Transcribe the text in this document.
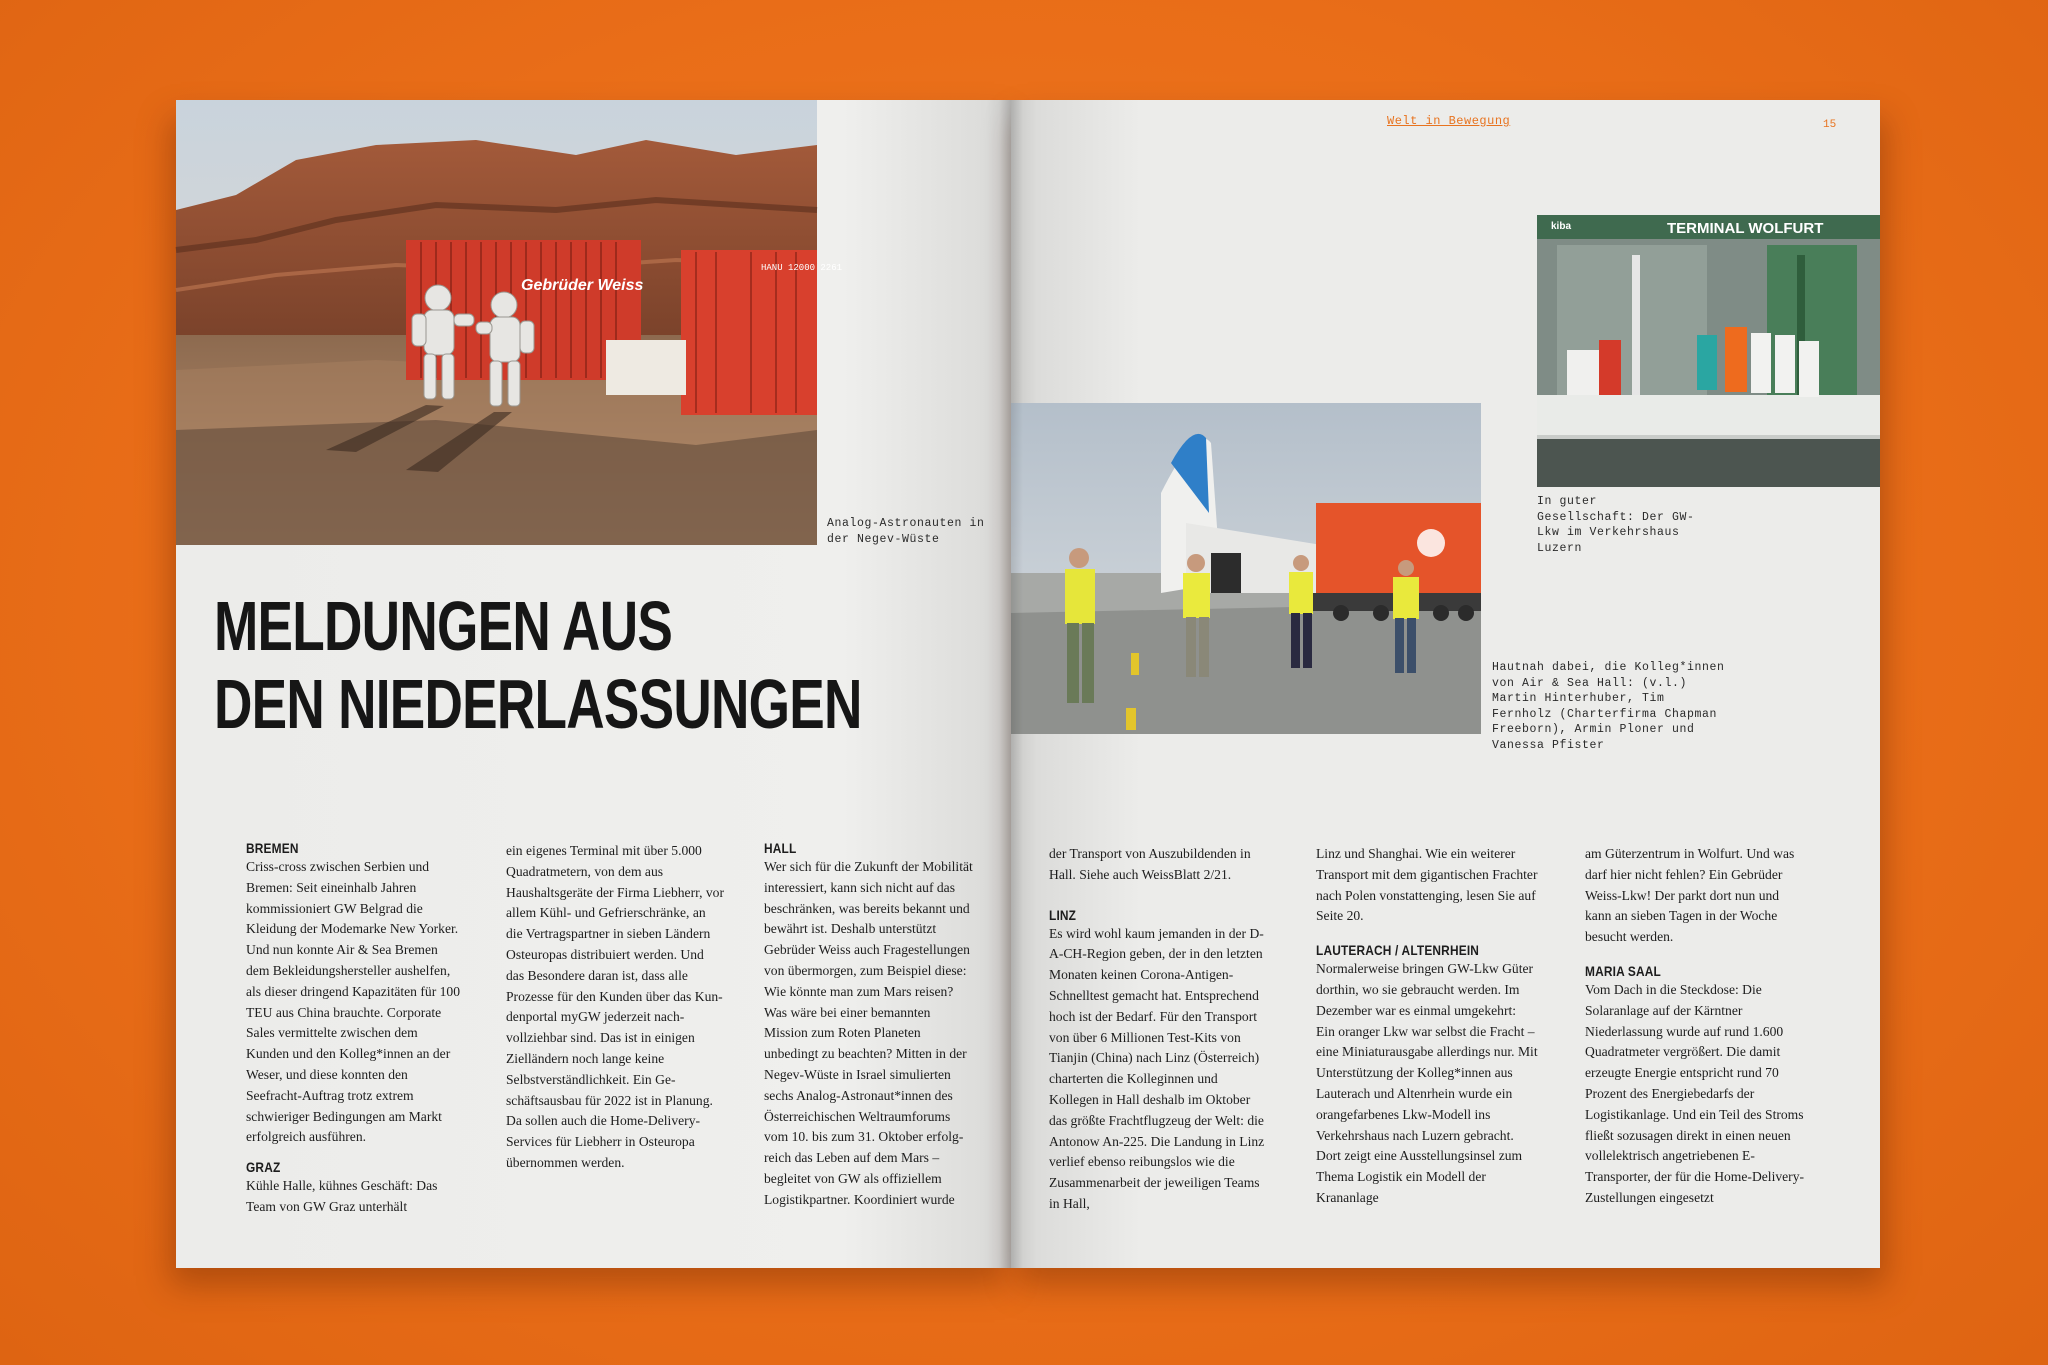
Gebrüder Weiss
HANU 12000 2261
Analog-Astronauten in der Negev-Wüste
MELDUNGEN AUS
DEN NIEDERLASSUNGEN
BREMEN

Criss-cross zwischen Serbien und Bremen: Seit eineinhalb Jahren kommissioniert GW Belgrad die Kleidung der Modemarke New Yorker. Und nun konnte Air & Sea Bremen dem Bekleidungshersteller aushelfen, als dieser dringend Kapazitäten für 100 TEU aus China brauchte. Corporate Sales vermittelte zwischen dem Kunden und den Kolleg*innen an der Weser, und diese konnten den Seefracht-Auftrag trotz extrem schwieriger Bedingungen am Markt erfolgreich ausführen.

GRAZ

Kühle Halle, kühnes Geschäft: Das Team von GW Graz unterhält

ein eigenes Terminal mit über 5.000 Quadratmetern, von dem aus Haushaltsgeräte der Firma Liebherr, vor allem Kühl- und Gefrierschränke, an die Vertragspartner in sieben Ländern Osteuropas distribuiert werden. Und das Besondere daran ist, dass alle Prozesse für den Kunden über das Kundenportal myGW jederzeit nachvollziehbar sind. Das ist in einigen Zielländern noch lange keine Selbstverständlichkeit. Ein Geschäftsausbau für 2022 ist in Planung. Da sollen auch die Home-Delivery-Services für Liebherr in Osteuropa übernommen werden.

HALL

Wer sich für die Zukunft der Mobilität interessiert, kann sich nicht auf das beschränken, was bereits bekannt und bewährt ist. Deshalb unterstützt Gebrüder Weiss auch Fragestellungen von übermorgen, zum Beispiel diese: Wie könnte man zum Mars reisen? Was wäre bei einer bemannten Mission zum Roten Planeten unbedingt zu beachten? Mitten in der Negev-Wüste in Israel simulierten sechs Analog-Astronaut*innen des Österreichischen Weltraumforums vom 10. bis zum 31. Oktober erfolgreich das Leben auf dem Mars – begleitet von GW als offiziellem Logistikpartner. Koordiniert wurde

15
TERMINAL WOLFURT
kiba
In guter Gesellschaft: Der GW-Lkw im Verkehrshaus Luzern
Hautnah dabei, die Kolleg*innen von Air & Sea Hall: (v.l.) Martin Hinterhuber, Tim Fernholz (Charterfirma Chapman Freeborn), Armin Ploner und Vanessa Pfister
Welt in Bewegung

der Transport von Auszubildenden in Hall. Siehe auch WeissBlatt 2/21.

LINZ

Es wird wohl kaum jemanden in der D-A-CH-Region geben, der in den letzten Monaten keinen Corona-Antigen-Schnelltest gemacht hat. Entsprechend hoch ist der Bedarf. Für den Transport von über 6 Millionen Test-Kits von Tianjin (China) nach Linz (Österreich) charterten die Kolleginnen und Kollegen in Hall deshalb im Oktober das größte Frachtflugzeug der Welt: die Antonow An-225. Die Landung in Linz verlief ebenso reibungslos wie die Zusammenarbeit der jeweiligen Teams in Hall,

Linz und Shanghai. Wie ein weiterer Transport mit dem gigantischen Frachter nach Polen vonstattenging, lesen Sie auf Seite 20.

LAUTERACH / ALTENRHEIN

Normalerweise bringen GW-Lkw Güter dorthin, wo sie gebraucht werden. Im Dezember war es einmal umgekehrt: Ein oranger Lkw war selbst die Fracht – eine Miniaturausgabe allerdings nur. Mit Unterstützung der Kolleg*innen aus Lauterach und Altenrhein wurde ein orangefarbenes Lkw-Modell ins Verkehrshaus nach Luzern gebracht. Dort zeigt eine Ausstellungsinsel zum Thema Logistik ein Modell der Krananlage

am Güterzentrum in Wolfurt. Und was darf hier nicht fehlen? Ein Gebrüder Weiss-Lkw! Der parkt dort nun und kann an sieben Tagen in der Woche besucht werden.

MARIA SAAL

Vom Dach in die Steckdose: Die Solaranlage auf der Kärntner Niederlassung wurde auf rund 1.600 Quadratmeter vergrößert. Die damit erzeugte Energie entspricht rund 70 Prozent des Energiebedarfs der Logistikanlage. Und ein Teil des Stroms fließt sozusagen direkt in einen neuen vollelektrisch angetriebenen E-Transporter, der für die Home-Delivery-Zustellungen eingesetzt
